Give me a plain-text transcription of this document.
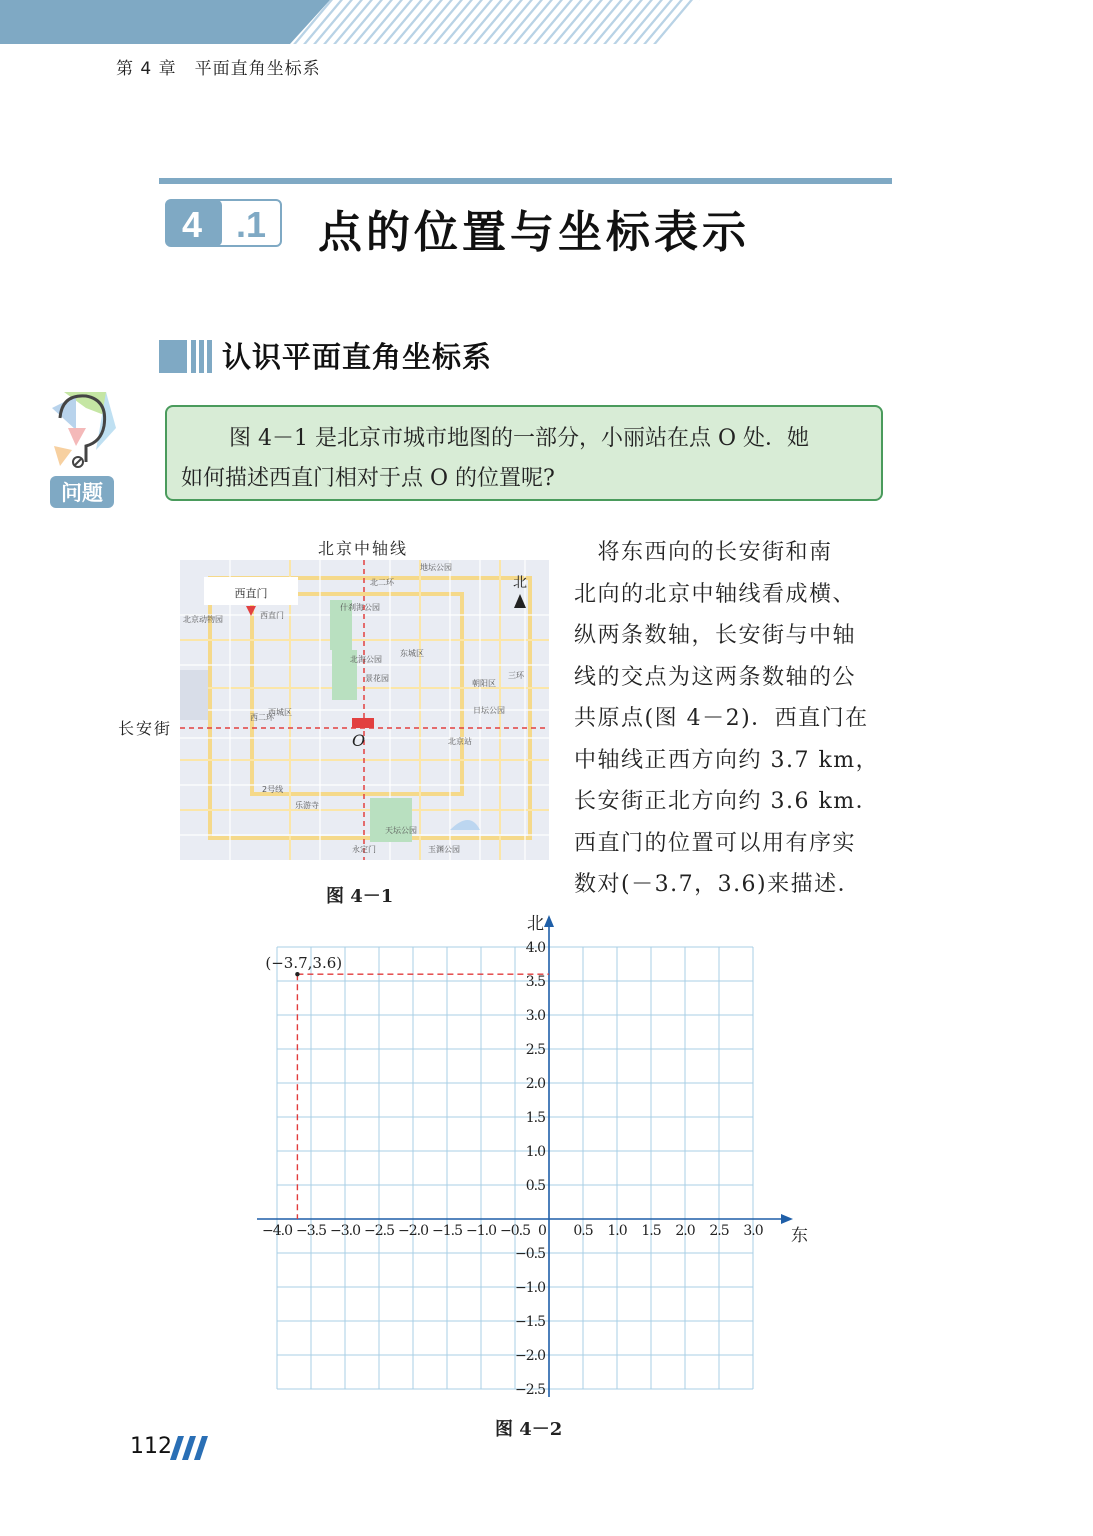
第 4 章　平面直角坐标系
4 .1 点的位置与坐标表示
认识平面直角坐标系
问题
图 4－1 是北京市城市地图的一部分，小丽站在点 O 处．她
如何描述西直门相对于点 O 的位置呢?
北京中轴线
长安街
西直门
北
O
西直门
北京动物园
北二环
地坛公园
什刹海公园
东城区
北海公园
景花园
朝阳区
日坛公园
西城区
西二环
北京站
乐游寺
天坛公园
永定门	玉渊公园
三环
2号线
图 4－1

　将东西向的长安街和南

北向的北京中轴线看成横、

纵两条数轴，长安街与中轴

线的交点为这两条数轴的公

共原点(图 4－2)．西直门在

中轴线正西方向约 3.7 km，

长安街正北方向约 3.6 km．

西直门的位置可以用有序实

数对(－3.7，3.6)来描述．

东
北
−4.0 −3.5 −3.0 −2.5 −2.0 −1.5 −1.0 −0.5 0 0.5 1.0 1.5 2.0 2.5 3.0
4.0
3.5
3.0
2.5
2.0
1.5
1.0
0.5
−0.5
−1.0
−1.5
−2.0
−2.5
(−3.7,3.6)
图 4－2
112
